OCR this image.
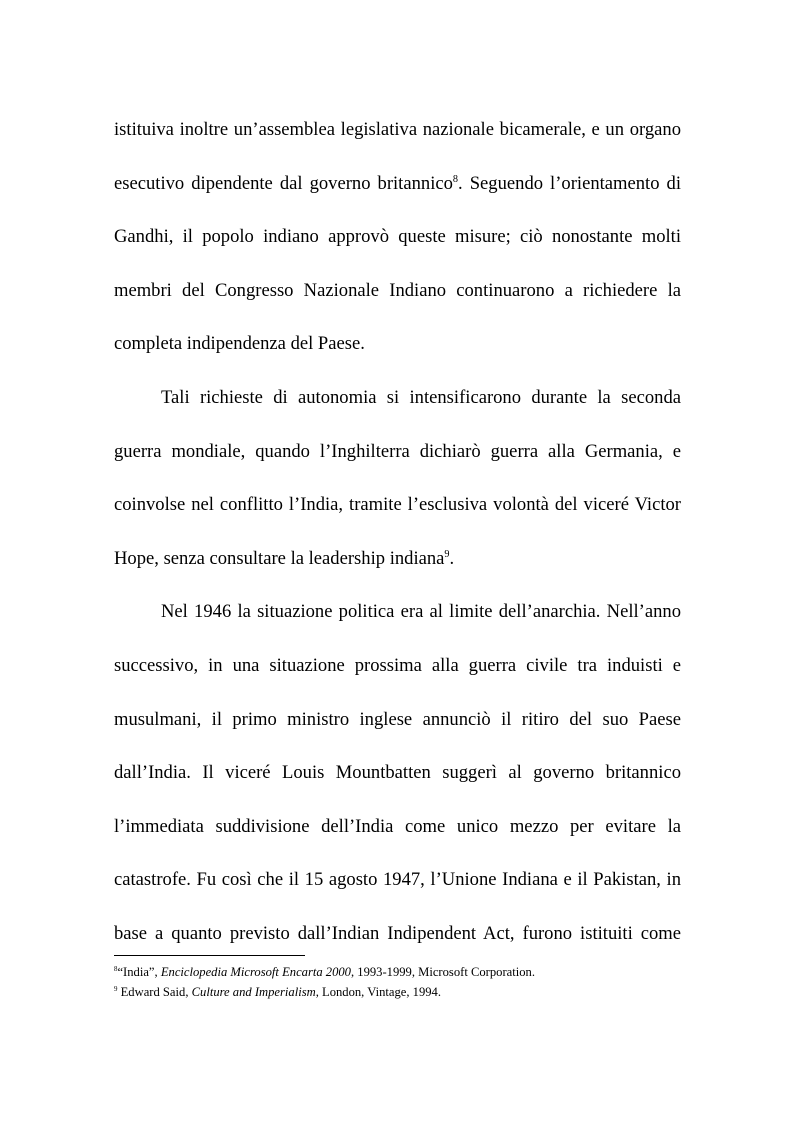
istituiva inoltre un’assemblea legislativa nazionale bicamerale, e un organo

esecutivo dipendente dal governo britannico$^8$. Seguendo l’orientamento di

Gandhi, il popolo indiano approvò queste misure; ciò nonostante molti

membri del Congresso Nazionale Indiano continuarono a richiedere la

completa indipendenza del Paese.

Tali richieste di autonomia si intensificarono durante la seconda

guerra mondiale, quando l’Inghilterra dichiarò guerra alla Germania, e

coinvolse nel conflitto l’India, tramite l’esclusiva volontà del viceré Victor

Hope, senza consultare la leadership indiana$^9$.

Nel 1946 la situazione politica era al limite dell’anarchia. Nell’anno

successivo, in una situazione prossima alla guerra civile tra induisti e

musulmani, il primo ministro inglese annunciò il ritiro del suo Paese

dall’India. Il viceré Louis Mountbatten suggerì al governo britannico

l’immediata suddivisione dell’India come unico mezzo per evitare la

catastrofe. Fu così che il 15 agosto 1947, l’Unione Indiana e il Pakistan, in

base a quanto previsto dall’Indian Indipendent Act, furono istituiti come

$^8$“India”, Enciclopedia Microsoft Encarta 2000, 1993-1999, Microsoft Corporation.

$^9$ Edward Said, Culture and Imperialism, London, Vintage, 1994.
